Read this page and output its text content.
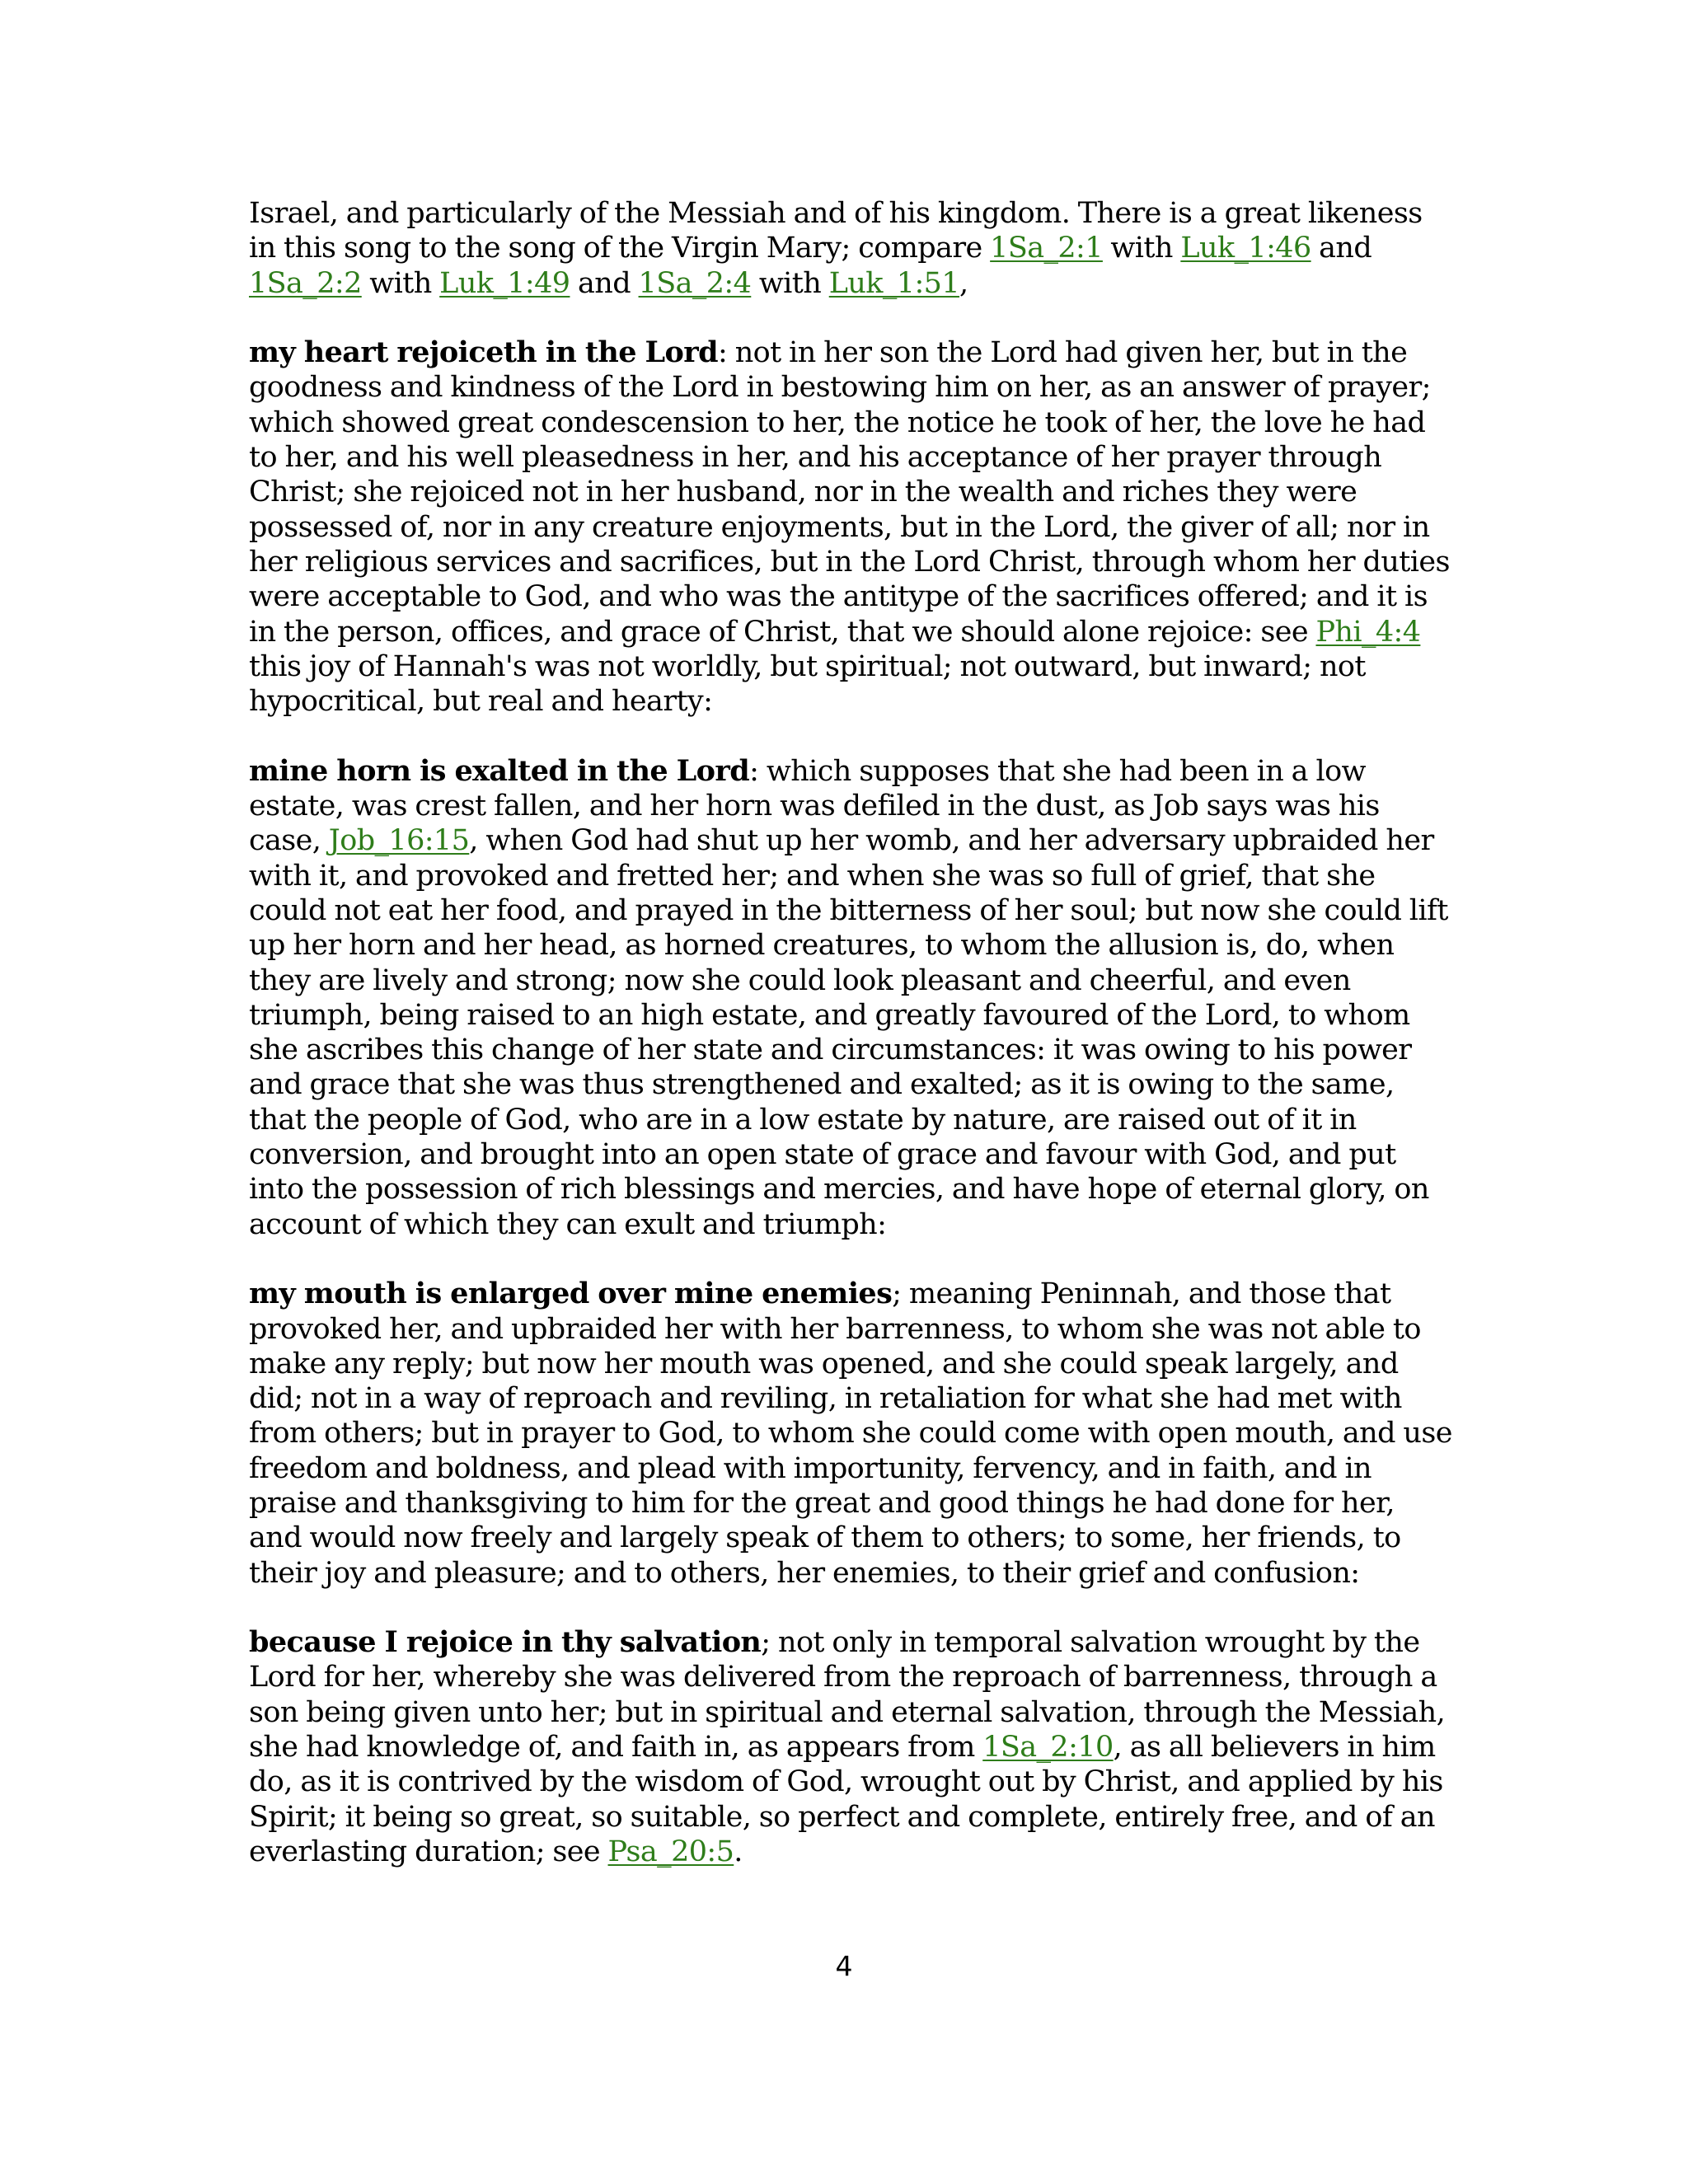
Israel, and particularly of the Messiah and of his kingdom. There is a great likeness in this song to the song of the Virgin Mary; compare 1Sa_2:1 with Luk_1:46 and 1Sa_2:2 with Luk_1:49 and 1Sa_2:4 with Luk_1:51,

my heart rejoiceth in the Lord: not in her son the Lord had given her, but in the goodness and kindness of the Lord in bestowing him on her, as an answer of prayer; which showed great condescension to her, the notice he took of her, the love he had to her, and his well pleasedness in her, and his acceptance of her prayer through Christ; she rejoiced not in her husband, nor in the wealth and riches they were possessed of, nor in any creature enjoyments, but in the Lord, the giver of all; nor in her religious services and sacrifices, but in the Lord Christ, through whom her duties were acceptable to God, and who was the antitype of the sacrifices offered; and it is in the person, offices, and grace of Christ, that we should alone rejoice: see Phi_4:4 this joy of Hannah's was not worldly, but spiritual; not outward, but inward; not hypocritical, but real and hearty:

mine horn is exalted in the Lord: which supposes that she had been in a low estate, was crest fallen, and her horn was defiled in the dust, as Job says was his case, Job_16:15, when God had shut up her womb, and her adversary upbraided her with it, and provoked and fretted her; and when she was so full of grief, that she could not eat her food, and prayed in the bitterness of her soul; but now she could lift up her horn and her head, as horned creatures, to whom the allusion is, do, when they are lively and strong; now she could look pleasant and cheerful, and even triumph, being raised to an high estate, and greatly favoured of the Lord, to whom she ascribes this change of her state and circumstances: it was owing to his power and grace that she was thus strengthened and exalted; as it is owing to the same, that the people of God, who are in a low estate by nature, are raised out of it in conversion, and brought into an open state of grace and favour with God, and put into the possession of rich blessings and mercies, and have hope of eternal glory, on account of which they can exult and triumph:

my mouth is enlarged over mine enemies; meaning Peninnah, and those that provoked her, and upbraided her with her barrenness, to whom she was not able to make any reply; but now her mouth was opened, and she could speak largely, and did; not in a way of reproach and reviling, in retaliation for what she had met with from others; but in prayer to God, to whom she could come with open mouth, and use freedom and boldness, and plead with importunity, fervency, and in faith, and in praise and thanksgiving to him for the great and good things he had done for her, and would now freely and largely speak of them to others; to some, her friends, to their joy and pleasure; and to others, her enemies, to their grief and confusion:

because I rejoice in thy salvation; not only in temporal salvation wrought by the Lord for her, whereby she was delivered from the reproach of barrenness, through a son being given unto her; but in spiritual and eternal salvation, through the Messiah, she had knowledge of, and faith in, as appears from 1Sa_2:10, as all believers in him do, as it is contrived by the wisdom of God, wrought out by Christ, and applied by his Spirit; it being so great, so suitable, so perfect and complete, entirely free, and of an everlasting duration; see Psa_20:5.

4
